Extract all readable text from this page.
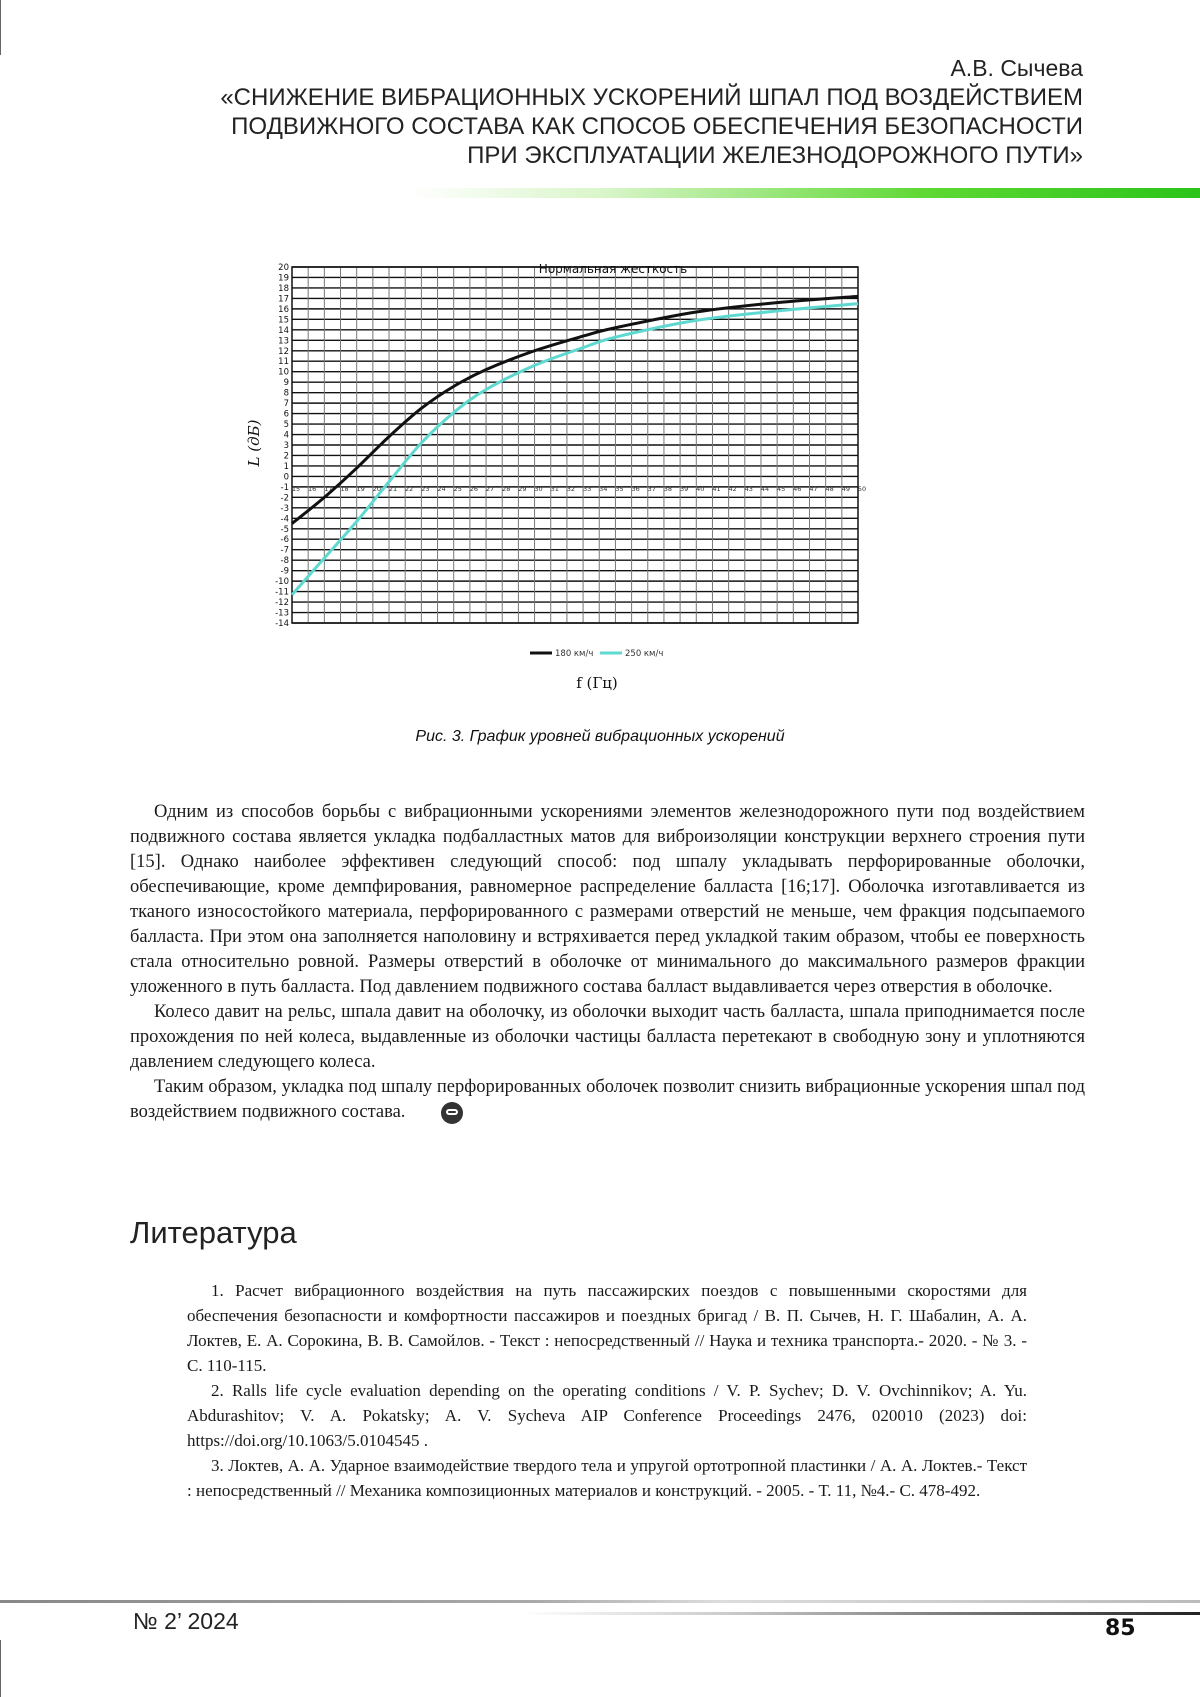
А.В. Сычева
«СНИЖЕНИЕ ВИБРАЦИОННЫХ УСКОРЕНИЙ ШПАЛ ПОД ВОЗДЕЙСТВИЕМ
ПОДВИЖНОГО СОСТАВА КАК СПОСОБ ОБЕСПЕЧЕНИЯ БЕЗОПАСНОСТИ
ПРИ ЭКСПЛУАТАЦИИ ЖЕЛЕЗНОДОРОЖНОГО ПУТИ»
-14
-13
-12
-11
-10
-9
-8
-7
-6
-5
-4
-3
-2
-1
0
1
2
3
4
5
6
7
8
9
10
11
12
13
14
15
16
17
18
19
20
15 16 17 18 19 20 21 22 23 24 25 26 27 28 29 30 31 32 33 34 35 36 37 38 39 40 41 42 43 44 45 46 47 48 49 50
Нормальная жесткость
L (дБ)
f (Гц)
180 км/ч	250 км/ч
Рис. 3. График уровней вибрационных ускорений

Одним из способов борьбы с вибрационными ускорениями элементов железнодорожного пути под воздействием подвижного состава является укладка подбалластных матов для виброизоляции конструкции верхнего строения пути [15]. Однако наиболее эффективен следующий способ: под шпалу укладывать перфорированные оболочки, обеспечивающие, кроме демпфирования, равномерное распределение балласта [16;17]. Оболочка изготавливается из тканого износостойкого материала, перфорированного с размерами отверстий не меньше, чем фракция подсыпаемого балласта. При этом она заполняется наполовину и встряхивается перед укладкой таким образом, чтобы ее поверхность стала относительно ровной. Размеры отверстий в оболочке от минимального до максимального размеров фракции уложенного в путь балласта. Под давлением подвижного состава балласт выдавливается через отверстия в оболочке.

Колесо давит на рельс, шпала давит на оболочку, из оболочки выходит часть балласта, шпала приподнимается после прохождения по ней колеса, выдавленные из оболочки частицы балласта перетекают в свободную зону и уплотняются давлением следующего колеса.

Таким образом, укладка под шпалу перфорированных оболочек позволит снизить вибрационные ускорения шпал под воздействием подвижного состава.

Литература

1. Расчет вибрационного воздействия на путь пассажирских поездов с повышенными скоростями для обеспечения безопасности и комфортности пассажиров и поездных бригад / В. П. Сычев, Н. Г. Шабалин, А. А. Локтев, Е. А. Сорокина, В. В. Самойлов. - Текст : непосредственный // Наука и техника транспорта.- 2020. - № 3. - С. 110-115.

2. Ralls life cycle evaluation depending on the operating conditions / V. P. Sychev; D. V. Ovchinnikov; A. Yu. Abdurashitov; V. A. Pokatsky; A. V. Sycheva AIP Conference Proceedings 2476, 020010 (2023) doi: https://doi.org/10.1063/5.0104545 .

3. Локтев, А. А. Ударное взаимодействие твердого тела и упругой ортотропной пластинки / А. А. Локтев.- Текст : непосредственный // Механика композиционных материалов и конструкций. - 2005. - Т. 11, №4.- С. 478-492.

№ 2’ 2024	85
